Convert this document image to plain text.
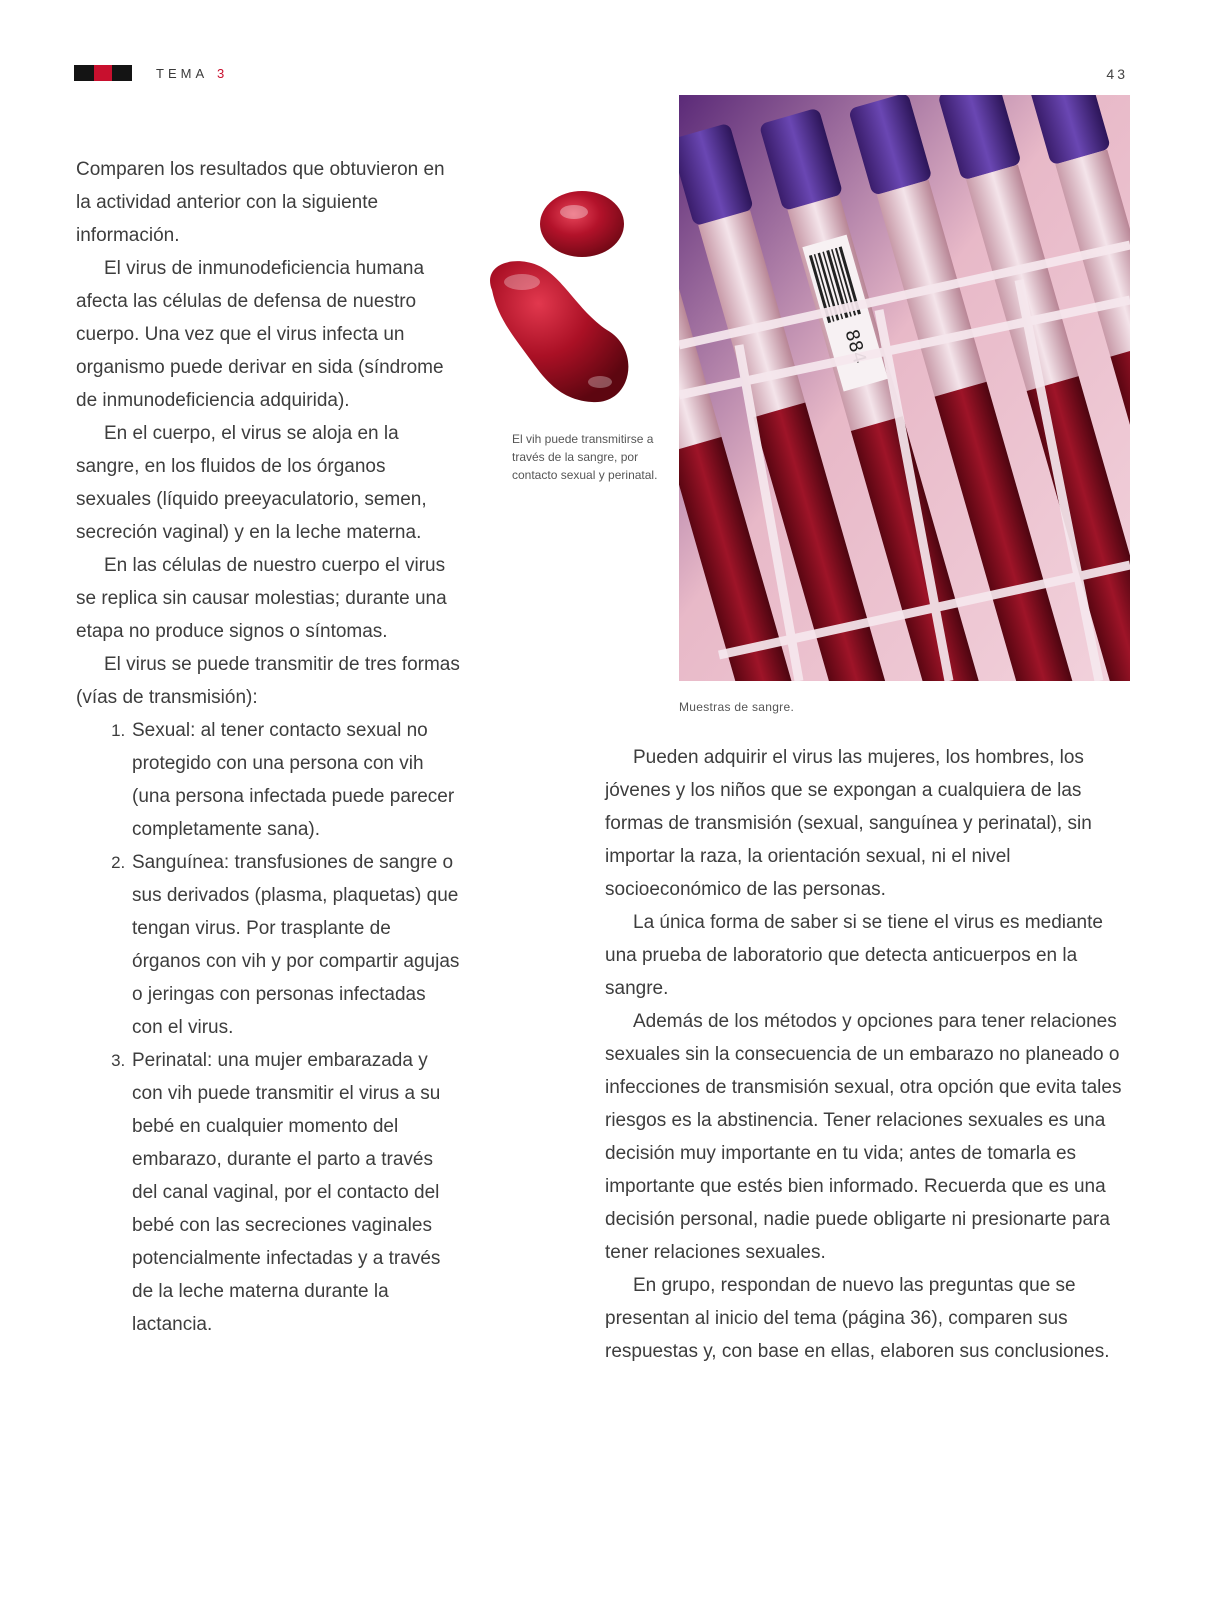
TEMA 3	43

Comparen los resultados que obtuvieron en la actividad anterior con la siguiente información.

El virus de inmunodeficiencia humana afecta las células de defensa de nuestro cuerpo. Una vez que el virus infecta un organismo puede derivar en sida (síndrome de inmunodeficiencia adquirida).

En el cuerpo, el virus se aloja en la sangre, en los fluidos de los órganos sexuales (líquido preeyaculatorio, semen, secreción vaginal) y en la leche materna.

En las células de nuestro cuerpo el virus se replica sin causar molestias; durante una etapa no produce signos o síntomas.

El virus se puede transmitir de tres formas (vías de transmisión):

1. Sexual: al tener contacto sexual no protegido con una persona con vih (una persona infectada puede parecer completamente sana).
2. Sanguínea: transfusiones de sangre o sus derivados (plasma, plaquetas) que tengan virus. Por trasplante de órganos con vih y por compartir agujas o jeringas con personas infectadas con el virus.
3. Perinatal: una mujer embarazada y con vih puede transmitir el virus a su bebé en cualquier momento del embarazo, durante el parto a través del canal vaginal, por el contacto del bebé con las secreciones vaginales potencialmente infectadas y a través de la leche materna durante la lactancia.
El vih puede transmitirse a través de la sangre, por contacto sexual y perinatal.
884
Muestras de sangre.

Pueden adquirir el virus las mujeres, los hombres, los jóvenes y los niños que se expongan a cualquiera de las formas de transmisión (sexual, sanguínea y perinatal), sin importar la raza, la orientación sexual, ni el nivel socioeconómico de las personas.

La única forma de saber si se tiene el virus es mediante una prueba de laboratorio que detecta anticuerpos en la sangre.

Además de los métodos y opciones para tener relaciones sexuales sin la consecuencia de un embarazo no planeado o infecciones de transmisión sexual, otra opción que evita tales riesgos es la abstinencia. Tener relaciones sexuales es una decisión muy importante en tu vida; antes de tomarla es importante que estés bien informado. Recuerda que es una decisión personal, nadie puede obligarte ni presionarte para tener relaciones sexuales.

En grupo, respondan de nuevo las preguntas que se presentan al inicio del tema (página 36), comparen sus respuestas y, con base en ellas, elaboren sus conclusiones.
